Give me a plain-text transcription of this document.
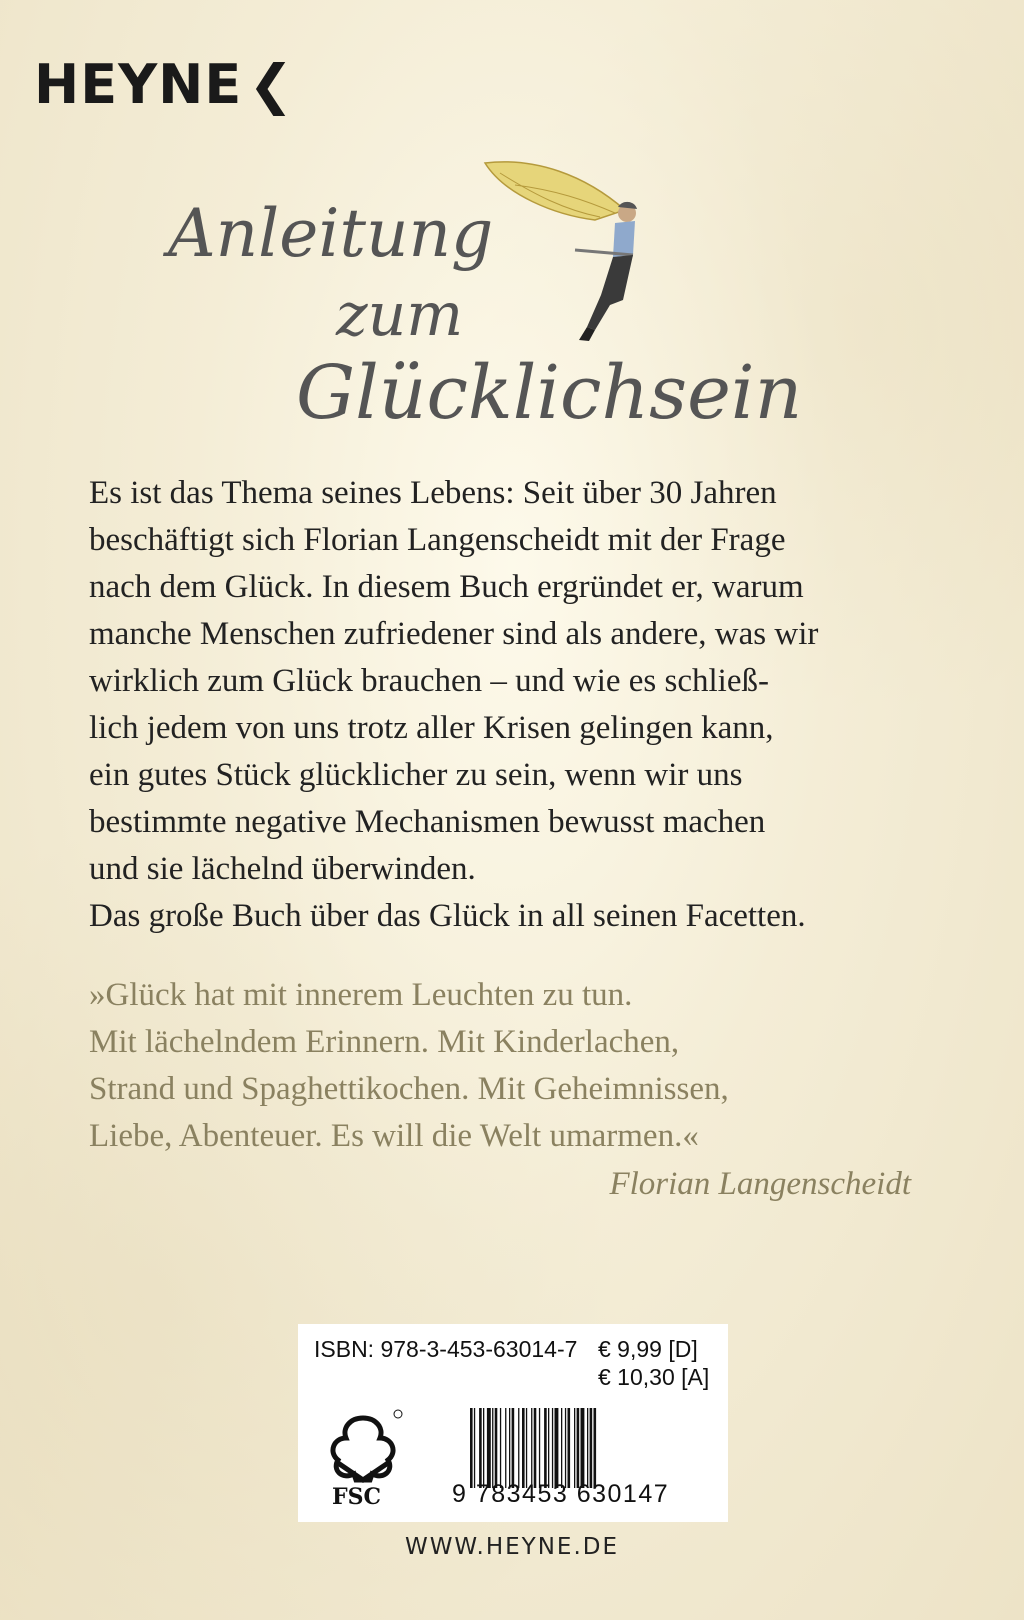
HEYNE ❮
Anleitung
zum
Glücklichsein

Es ist das Thema seines Lebens: Seit über 30 Jahren

beschäftigt sich Florian Langenscheidt mit der Frage

nach dem Glück. In diesem Buch ergründet er, warum

manche Menschen zufriedener sind als andere, was wir

wirklich zum Glück brauchen – und wie es schließ-

lich jedem von uns trotz aller Krisen gelingen kann,

ein gutes Stück glücklicher zu sein, wenn wir uns

bestimmte negative Mechanismen bewusst machen

und sie lächelnd überwinden.

Das große Buch über das Glück in all seinen Facetten.

»Glück hat mit innerem Leuchten zu tun.

Mit lächelndem Erinnern. Mit Kinderlachen,

Strand und Spaghettikochen. Mit Geheimnissen,

Liebe, Abenteuer. Es will die Welt umarmen.«

Florian Langenscheidt
ISBN: 978-3-453-63014-7 € 9,99 [D]
€ 10,30 [A]
FSC	9 783453 630147
WWW.HEYNE.DE
